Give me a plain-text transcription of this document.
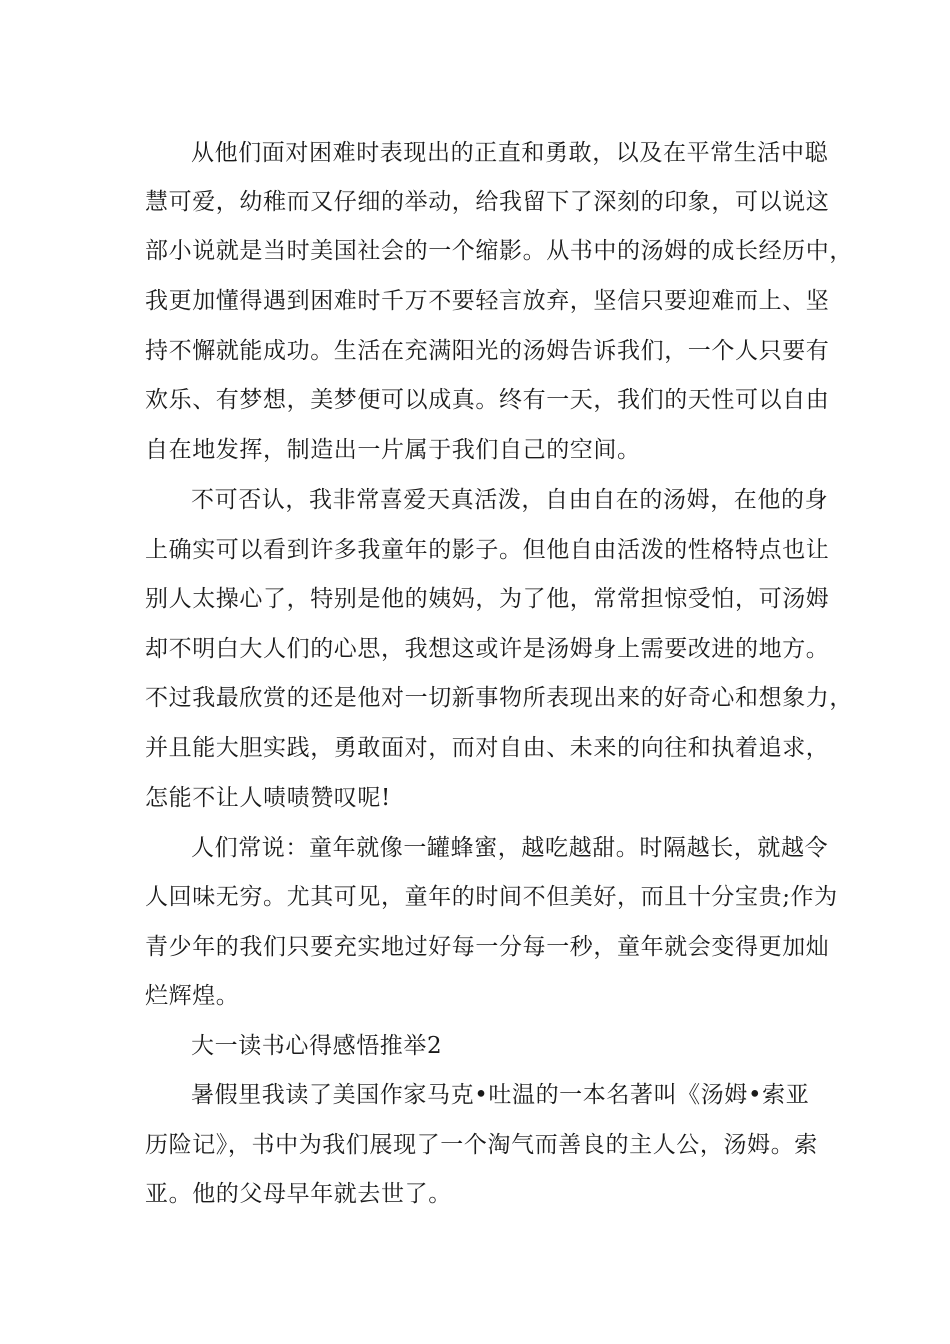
从他们面对困难时表现出的正直和勇敢，以及在平常生活中聪
慧可爱，幼稚而又仔细的举动，给我留下了深刻的印象，可以说这
部小说就是当时美国社会的一个缩影。从书中的汤姆的成长经历中，
我更加懂得遇到困难时千万不要轻言放弃，坚信只要迎难而上、坚
持不懈就能成功。生活在充满阳光的汤姆告诉我们，一个人只要有
欢乐、有梦想，美梦便可以成真。终有一天，我们的天性可以自由
自在地发挥，制造出一片属于我们自己的空间。
不可否认，我非常喜爱天真活泼，自由自在的汤姆，在他的身
上确实可以看到许多我童年的影子。但他自由活泼的性格特点也让
别人太操心了，特别是他的姨妈，为了他，常常担惊受怕，可汤姆
却不明白大人们的心思，我想这或许是汤姆身上需要改进的地方。
不过我最欣赏的还是他对一切新事物所表现出来的好奇心和想象力，
并且能大胆实践，勇敢面对，而对自由、未来的向往和执着追求，
怎能不让人啧啧赞叹呢!
人们常说：童年就像一罐蜂蜜，越吃越甜。时隔越长，就越令
人回味无穷。尤其可见，童年的时间不但美好，而且十分宝贵;作为
青少年的我们只要充实地过好每一分每一秒，童年就会变得更加灿
烂辉煌。
大一读书心得感悟推举2
暑假里我读了美国作家马克•吐温的一本名著叫《汤姆•索亚
历险记》，书中为我们展现了一个淘气而善良的主人公，汤姆。索
亚。他的父母早年就去世了。
